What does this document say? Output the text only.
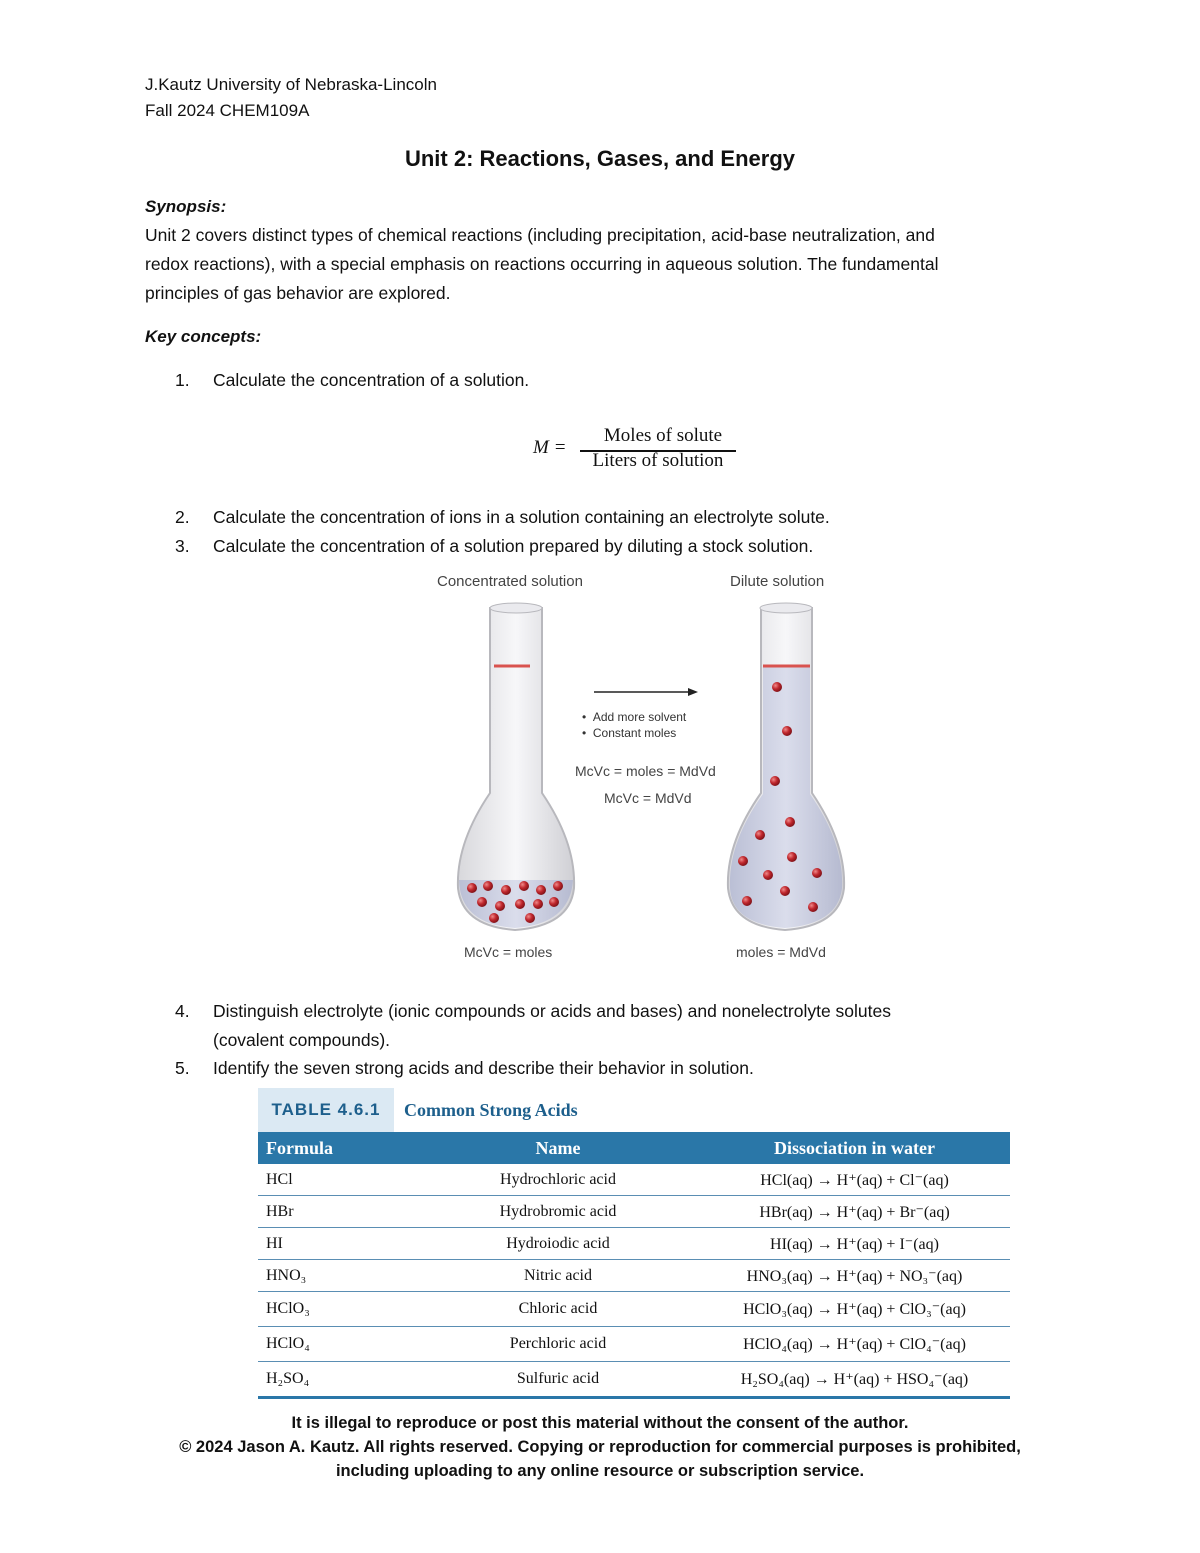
J.Kautz University of Nebraska-Lincoln
Fall 2024 CHEM109A
Unit 2: Reactions, Gases, and Energy
Synopsis:
Unit 2 covers distinct types of chemical reactions (including precipitation, acid-base neutralization, and
redox reactions), with a special emphasis on reactions occurring in aqueous solution. The fundamental
principles of gas behavior are explored.
Key concepts:
1. Calculate the concentration of a solution.
M =
Moles of solute
Liters of solution
2. Calculate the concentration of ions in a solution containing an electrolyte solute.
3. Calculate the concentration of a solution prepared by diluting a stock solution.
Concentrated solution	Dilute solution
•  Add more solvent
•  Constant moles
McVc = moles = MdVd
McVc = MdVd
McVc = moles	moles = MdVd
4. Distinguish electrolyte (ionic compounds or acids and bases) and nonelectrolyte solutes
(covalent compounds).
5. Identify the seven strong acids and describe their behavior in solution.
TABLE 4.6.1	Common Strong Acids
Formula	Name	Dissociation in water
HCl	Hydrochloric acid	HCl(aq) → H⁺(aq) + Cl⁻(aq)
HBr	Hydrobromic acid	HBr(aq) → H⁺(aq) + Br⁻(aq)
HI	Hydroiodic acid	HI(aq) → H⁺(aq) + I⁻(aq)
HNO₃	Nitric acid	HNO₃(aq) → H⁺(aq) + NO₃⁻(aq)
HClO₃	Chloric acid	HClO₃(aq) → H⁺(aq) + ClO₃⁻(aq)
HClO₄	Perchloric acid	HClO₄(aq) → H⁺(aq) + ClO₄⁻(aq)
H₂SO₄	Sulfuric acid	H₂SO₄(aq) → H⁺(aq) + HSO₄⁻(aq)
It is illegal to reproduce or post this material without the consent of the author.
© 2024 Jason A. Kautz. All rights reserved. Copying or reproduction for commercial purposes is prohibited,
including uploading to any online resource or subscription service.
